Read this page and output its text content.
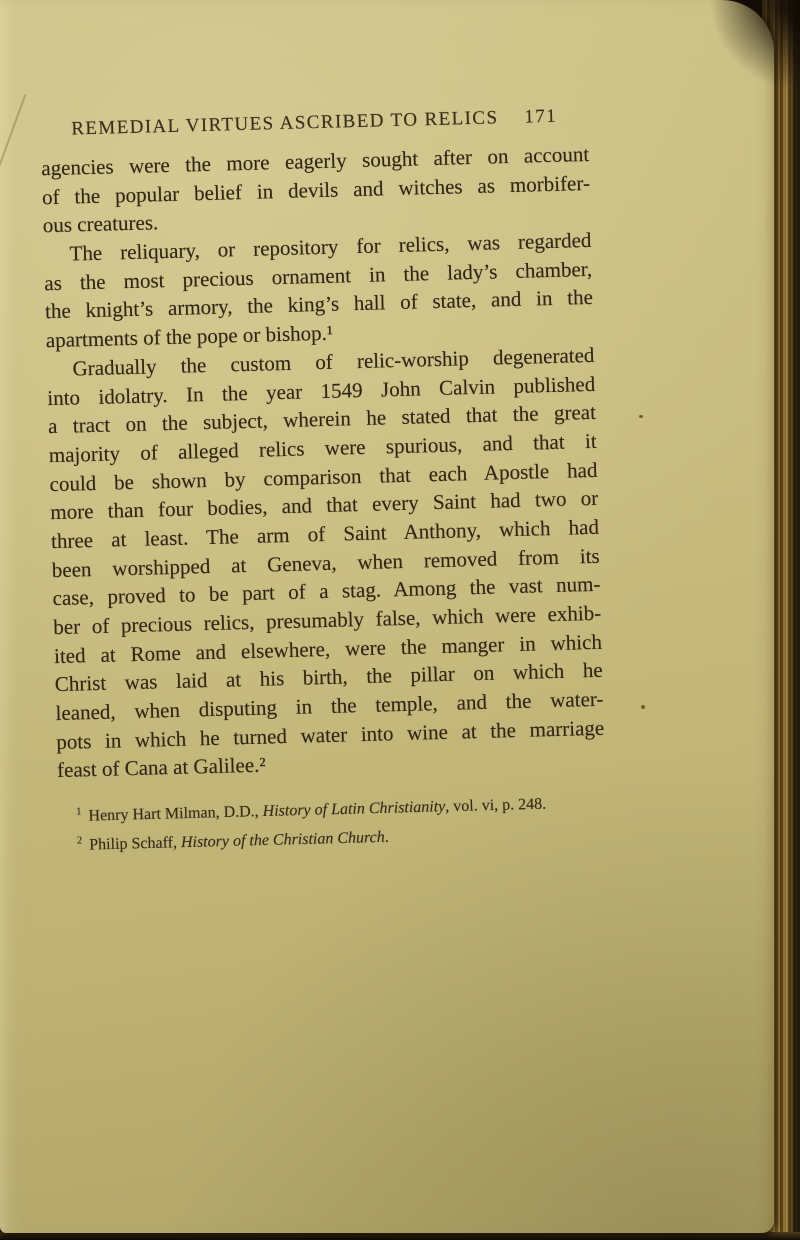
REMEDIAL VIRTUES ASCRIBED TO RELICS 171
agencies were the more eagerly sought after on account
of the popular belief in devils and witches as morbifer-
ous creatures.
The reliquary, or repository for relics, was regarded
as the most precious ornament in the lady’s chamber,
the knight’s armory, the king’s hall of state, and in the
apartments of the pope or bishop.¹
Gradually the custom of relic-worship degenerated
into idolatry. In the year 1549 John Calvin published
a tract on the subject, wherein he stated that the great
majority of alleged relics were spurious, and that it
could be shown by comparison that each Apostle had
more than four bodies, and that every Saint had two or
three at least. The arm of Saint Anthony, which had
been worshipped at Geneva, when removed from its
case, proved to be part of a stag. Among the vast num-
ber of precious relics, presumably false, which were exhib-
ited at Rome and elsewhere, were the manger in which
Christ was laid at his birth, the pillar on which he
leaned, when disputing in the temple, and the water-
pots in which he turned water into wine at the marriage
feast of Cana at Galilee.²
$^1$ Henry Hart Milman, D.D., History of Latin Christianity, vol. vi, p. 248.
$^2$ Philip Schaff, History of the Christian Church.
